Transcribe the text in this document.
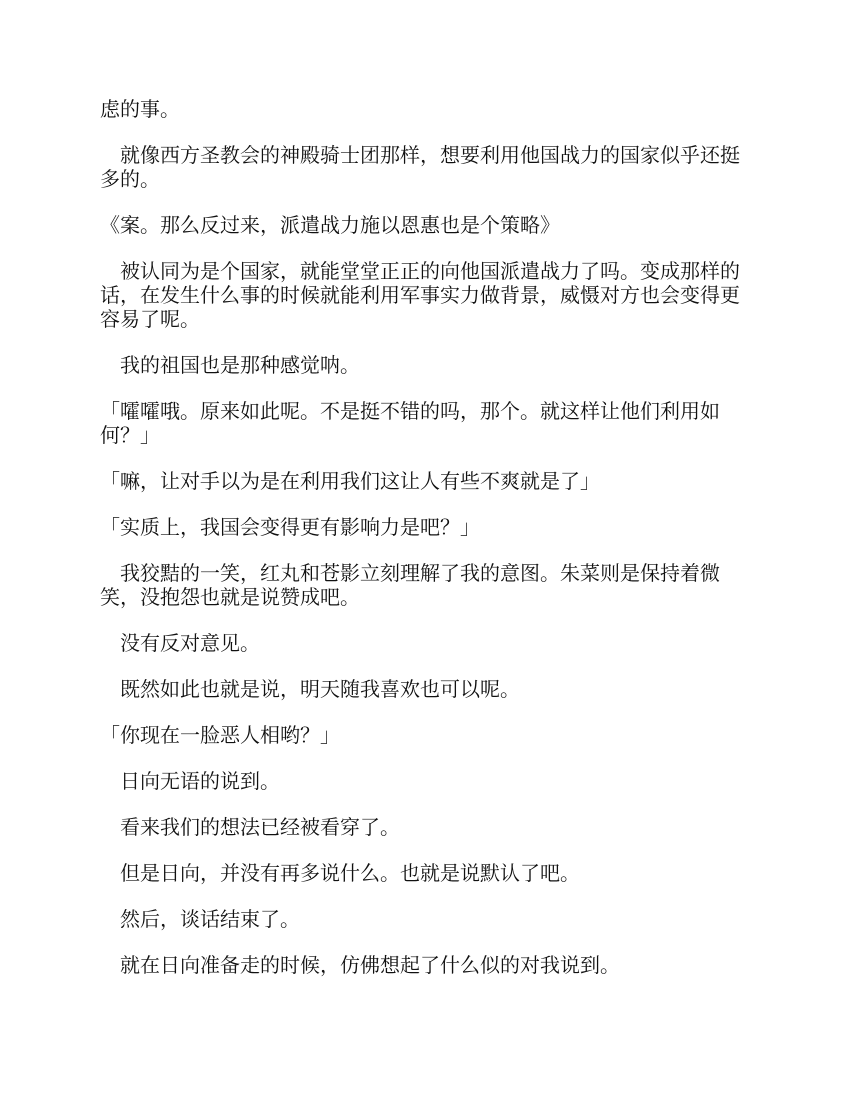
虑的事。

　就像西方圣教会的神殿骑士团那样，想要利用他国战力的国家似乎还挺多的。

《案。那么反过来，派遣战力施以恩惠也是个策略》

　被认同为是个国家，就能堂堂正正的向他国派遣战力了吗。变成那样的话，在发生什么事的时候就能利用军事实力做背景，威慑对方也会变得更容易了呢。

　我的祖国也是那种感觉呐。

「嚯嚯哦。原来如此呢。不是挺不错的吗，那个。就这样让他们利用如何？」

「嘛，让对手以为是在利用我们这让人有些不爽就是了」

「实质上，我国会变得更有影响力是吧？」

　我狡黠的一笑，红丸和苍影立刻理解了我的意图。朱菜则是保持着微笑，没抱怨也就是说赞成吧。

　没有反对意见。

　既然如此也就是说，明天随我喜欢也可以呢。

「你现在一脸恶人相哟？」

　日向无语的说到。

　看来我们的想法已经被看穿了。

　但是日向，并没有再多说什么。也就是说默认了吧。

　然后，谈话结束了。

　就在日向准备走的时候，仿佛想起了什么似的对我说到。
